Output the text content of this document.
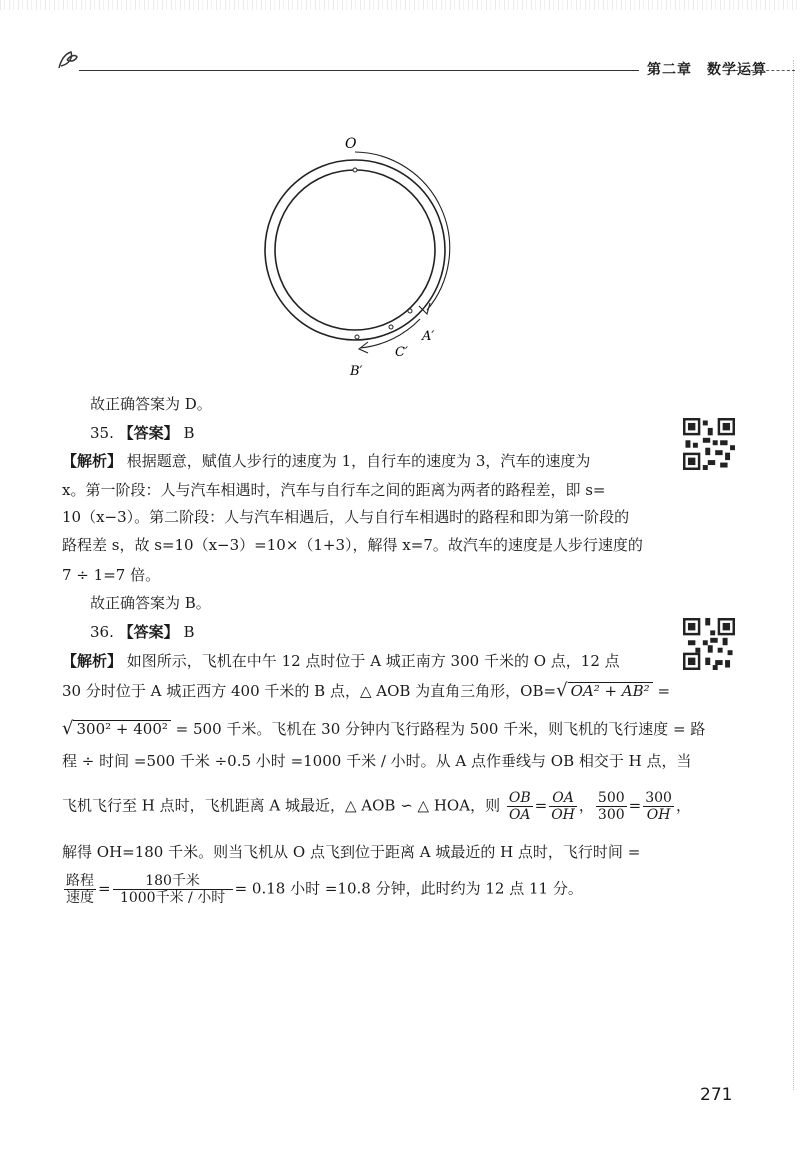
第二章　数学运算
O
A′
C′
B′
故正确答案为 D。
35. 【答案】 B
【解析】 根据题意，赋值人步行的速度为 1，自行车的速度为 3，汽车的速度为
x。第一阶段：人与汽车相遇时，汽车与自行车之间的距离为两者的路程差，即 s=
10（x−3）。第二阶段：人与汽车相遇后，人与自行车相遇时的路程和即为第一阶段的
路程差 s，故 s=10（x−3）=10×（1+3），解得 x=7。故汽车的速度是人步行速度的
7 ÷ 1=7 倍。
故正确答案为 B。
36. 【答案】 B
【解析】 如图所示，飞机在中午 12 点时位于 A 城正南方 300 千米的 O 点，12 点
30 分时位于 A 城正西方 400 千米的 B 点，△ AOB 为直角三角形，OB=√ OA² + AB² =
√ 300² + 400² = 500 千米。飞机在 30 分钟内飞行路程为 500 千米，则飞机的飞行速度 = 路
程 ÷ 时间 =500 千米 ÷0.5 小时 =1000 千米 / 小时。从 A 点作垂线与 OB 相交于 H 点，当
飞机飞行至 H 点时，飞机距离 A 城最近，△ AOB ∽ △ HOA，则 $\frac{OB}{OA} = \frac{OA}{OH}$ ， $\frac{500}{300} = \frac{300}{OH}$ ，
解得 OH=180 千米。则当飞机从 O 点飞到位于距离 A 城最近的 H 点时，飞行时间 =
$\frac{\text{路程}}{\text{速度}} = \frac{\text{180千米}}{\text{1000千米 / 小时}} = 0.18$ 小时 =10.8 分钟，此时约为 12 点 11 分。
271
